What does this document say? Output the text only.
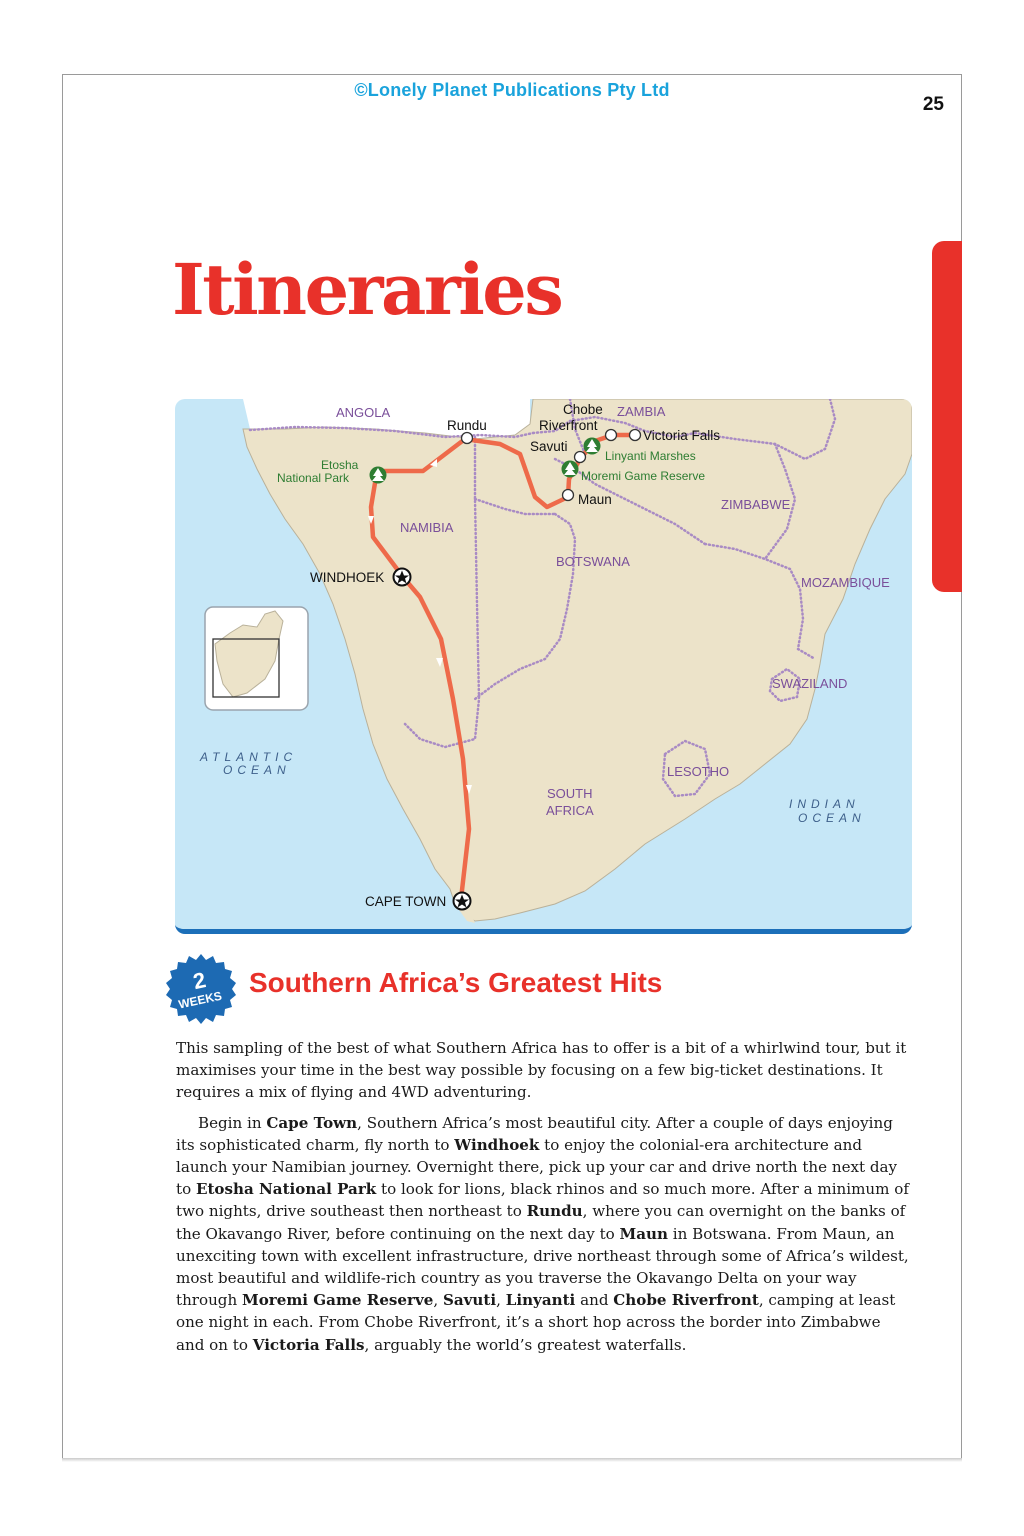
©Lonely Planet Publications Pty Ltd
25
Itineraries
ANGOLA	ZAMBIA
NAMIBIA
BOTSWANA
ZIMBABWE
MOZAMBIQUE
SWAZILAND
LESOTHO
SOUTH
AFRICA
ATLANTIC
OCEAN
INDIAN
OCEAN
Rundu
Chobe
Riverfront
Victoria Falls
Savuti
Linyanti Marshes
Moremi Game Reserve
Maun
Etosha
National Park
WINDHOEK
CAPE TOWN
2
WEEKS
Southern Africa’s Greatest Hits

This sampling of the best of what Southern Africa has to offer is a bit of a whirlwind tour, but it maximises your time in the best way possible by focusing on a few big-ticket destinations. It requires a mix of flying and 4WD adventuring.

Begin in Cape Town, Southern Africa’s most beautiful city. After a couple of days enjoying its sophisticated charm, fly north to Windhoek to enjoy the colonial-era architecture and launch your Namibian journey. Overnight there, pick up your car and drive north the next day to Etosha National Park to look for lions, black rhinos and so much more. After a minimum of two nights, drive southeast then northeast to Rundu, where you can overnight on the banks of the Okavango River, before continuing on the next day to Maun in Botswana. From Maun, an unexciting town with excellent infrastructure, drive northeast through some of Africa’s wildest, most beautiful and wildlife-rich country as you traverse the Okavango Delta on your way through Moremi Game Reserve, Savuti, Linyanti and Chobe Riverfront, camping at least one night in each. From Chobe Riverfront, it’s a short hop across the border into Zimbabwe and on to Victoria Falls, arguably the world’s greatest waterfalls.
